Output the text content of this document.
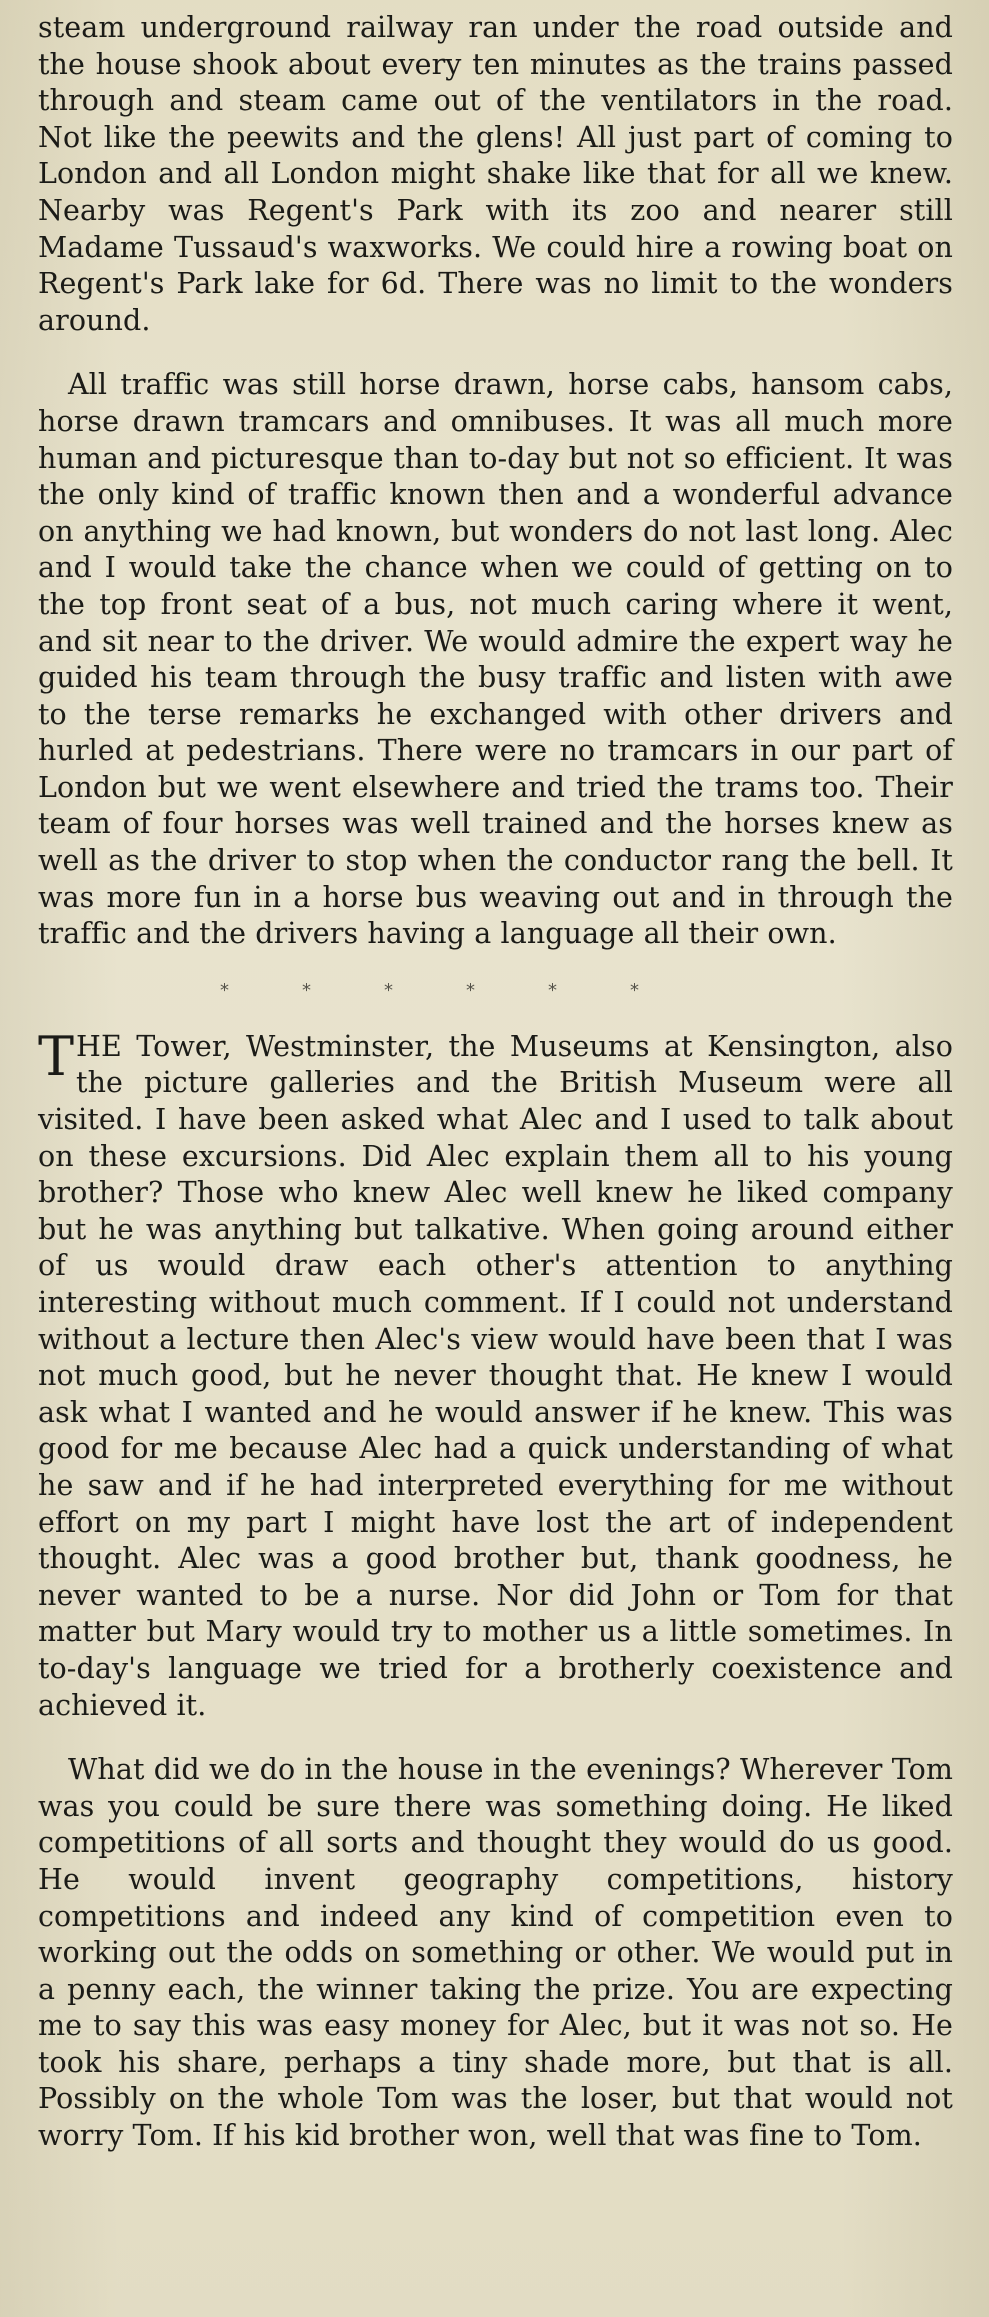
steam underground railway ran under the road outside and the house shook about every ten minutes as the trains passed through and steam came out of the ventilators in the road. Not like the peewits and the glens! All just part of coming to London and all London might shake like that for all we knew. Nearby was Regent's Park with its zoo and nearer still Madame Tussaud's waxworks. We could hire a rowing boat on Regent's Park lake for 6d. There was no limit to the wonders around.

All traffic was still horse drawn, horse cabs, hansom cabs, horse drawn tramcars and omnibuses. It was all much more human and picturesque than to-day but not so efficient. It was the only kind of traffic known then and a wonderful advance on anything we had known, but wonders do not last long. Alec and I would take the chance when we could of getting on to the top front seat of a bus, not much caring where it went, and sit near to the driver. We would admire the expert way he guided his team through the busy traffic and listen with awe to the terse remarks he exchanged with other drivers and hurled at pedestrians. There were no tramcars in our part of London but we went elsewhere and tried the trams too. Their team of four horses was well trained and the horses knew as well as the driver to stop when the conductor rang the bell. It was more fun in a horse bus weaving out and in through the traffic and the drivers having a language all their own.

*	*	*	*	*	*
T HE Tower, Westminster, the Museums at Kensington, also the picture galleries and the British Museum were all visited. I have been asked what Alec and I used to talk about on these excursions. Did Alec explain them all to his young brother? Those who knew Alec well knew he liked company but he was anything but talkative. When going around either of us would draw each other's attention to anything interesting without much comment. If I could not understand without a lecture then Alec's view would have been that I was not much good, but he never thought that. He knew I would ask what I wanted and he would answer if he knew. This was good for me because Alec had a quick understanding of what he saw and if he had interpreted everything for me without effort on my part I might have lost the art of independent thought. Alec was a good brother but, thank goodness, he never wanted to be a nurse. Nor did John or Tom for that matter but Mary would try to mother us a little sometimes. In to-day's language we tried for a brotherly coexistence and achieved it.

What did we do in the house in the evenings? Wherever Tom was you could be sure there was something doing. He liked competitions of all sorts and thought they would do us good. He would invent geography competitions, history competitions and indeed any kind of competition even to working out the odds on something or other. We would put in a penny each, the winner taking the prize. You are expecting me to say this was easy money for Alec, but it was not so. He took his share, perhaps a tiny shade more, but that is all. Possibly on the whole Tom was the loser, but that would not worry Tom. If his kid brother won, well that was fine to Tom.
